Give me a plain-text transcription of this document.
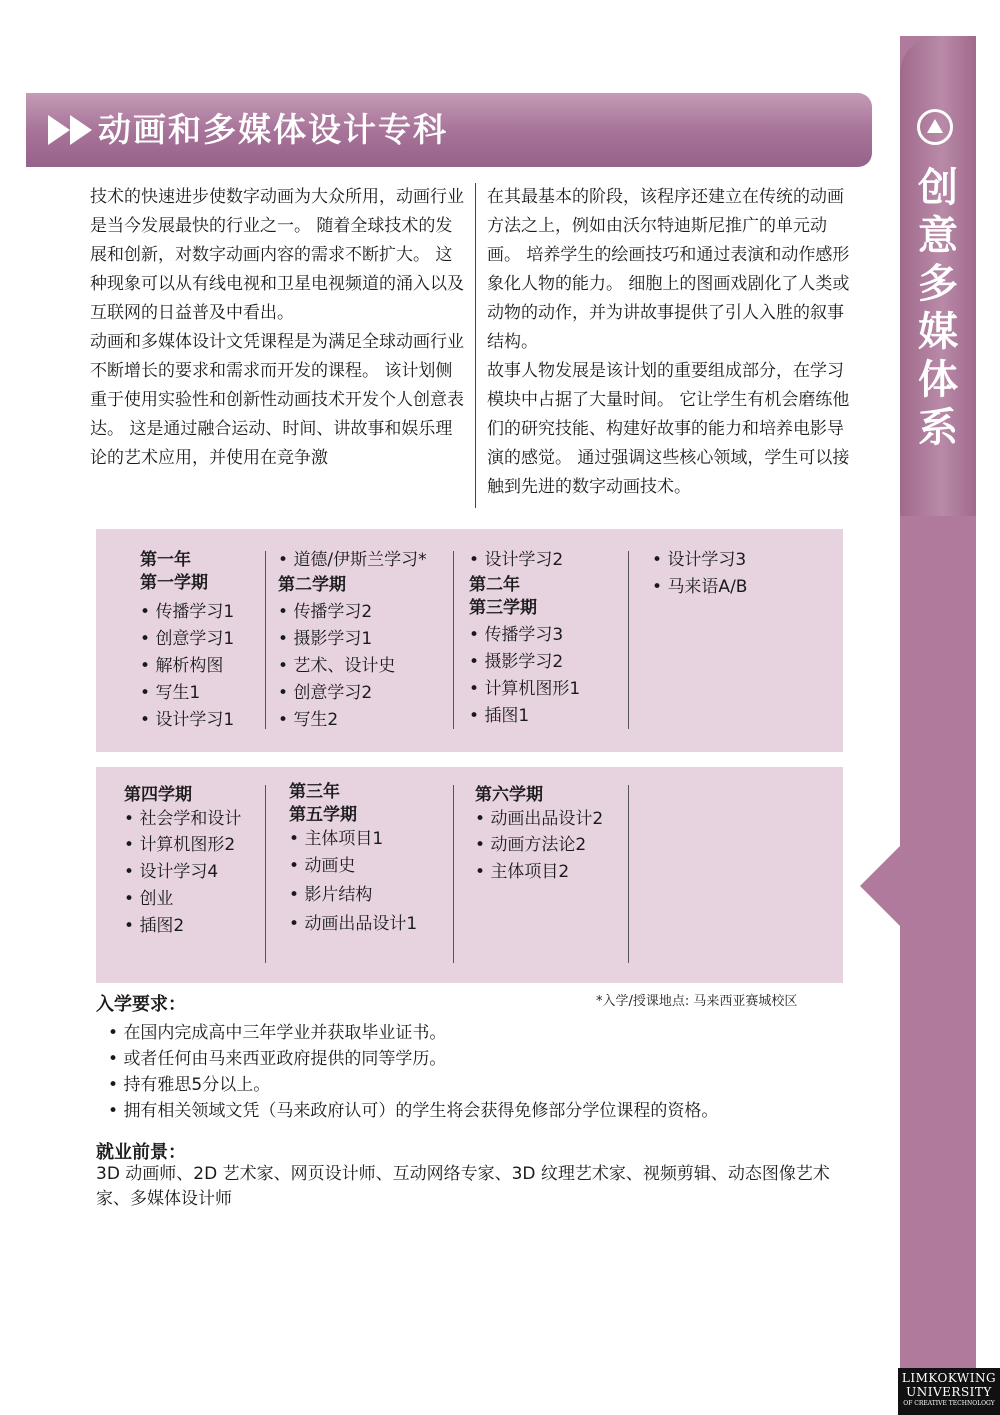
创意多媒体系
动画和多媒体设计专科

技术的快速进步使数字动画为大众所用，动画行业是当今发展最快的行业之一。 随着全球技术的发展和创新，对数字动画内容的需求不断扩大。 这种现象可以从有线电视和卫星电视频道的涌入以及互联网的日益普及中看出。

动画和多媒体设计文凭课程是为满足全球动画行业不断增长的要求和需求而开发的课程。 该计划侧重于使用实验性和创新性动画技术开发个人创意表达。 这是通过融合运动、时间、讲故事和娱乐理论的艺术应用，并使用在竞争激

在其最基本的阶段，该程序还建立在传统的动画方法之上，例如由沃尔特迪斯尼推广的单元动画。 培养学生的绘画技巧和通过表演和动作感形象化人物的能力。 细胞上的图画戏剧化了人类或动物的动作，并为讲故事提供了引人入胜的叙事结构。

故事人物发展是该计划的重要组成部分，在学习模块中占据了大量时间。 它让学生有机会磨练他们的研究技能、构建好故事的能力和培养电影导演的感觉。 通过强调这些核心领域，学生可以接触到先进的数字动画技术。

第一年
第一学期
• 传播学习1
• 创意学习1
• 解析构图
• 写生1
• 设计学习1
• 道德/伊斯兰学习*
第二学期
• 传播学习2
• 摄影学习1
• 艺术、设计史
• 创意学习2
• 写生2
• 设计学习2
第二年
第三学期
• 传播学习3
• 摄影学习2
• 计算机图形1
• 插图1
• 设计学习3
• 马来语A/B
第四学期
• 社会学和设计
• 计算机图形2
• 设计学习4
• 创业
• 插图2
第三年
第五学期
• 主体项目1
• 动画史
• 影片结构
• 动画出品设计1
第六学期
• 动画出品设计2
• 动画方法论2
• 主体项目2
*入学/授课地点: 马来西亚赛城校区
入学要求：
• 在国内完成高中三年学业并获取毕业证书。
• 或者任何由马来西亚政府提供的同等学历。
• 持有雅思5分以上。
• 拥有相关领域文凭（马来政府认可）的学生将会获得免修部分学位课程的资格。
就业前景：
3D 动画师、2D 艺术家、网页设计师、互动网络专家、3D 纹理艺术家、视频剪辑、动态图像艺术家、多媒体设计师
LIMKOKWING
UNIVERSITY
OF CREATIVE TECHNOLOGY
